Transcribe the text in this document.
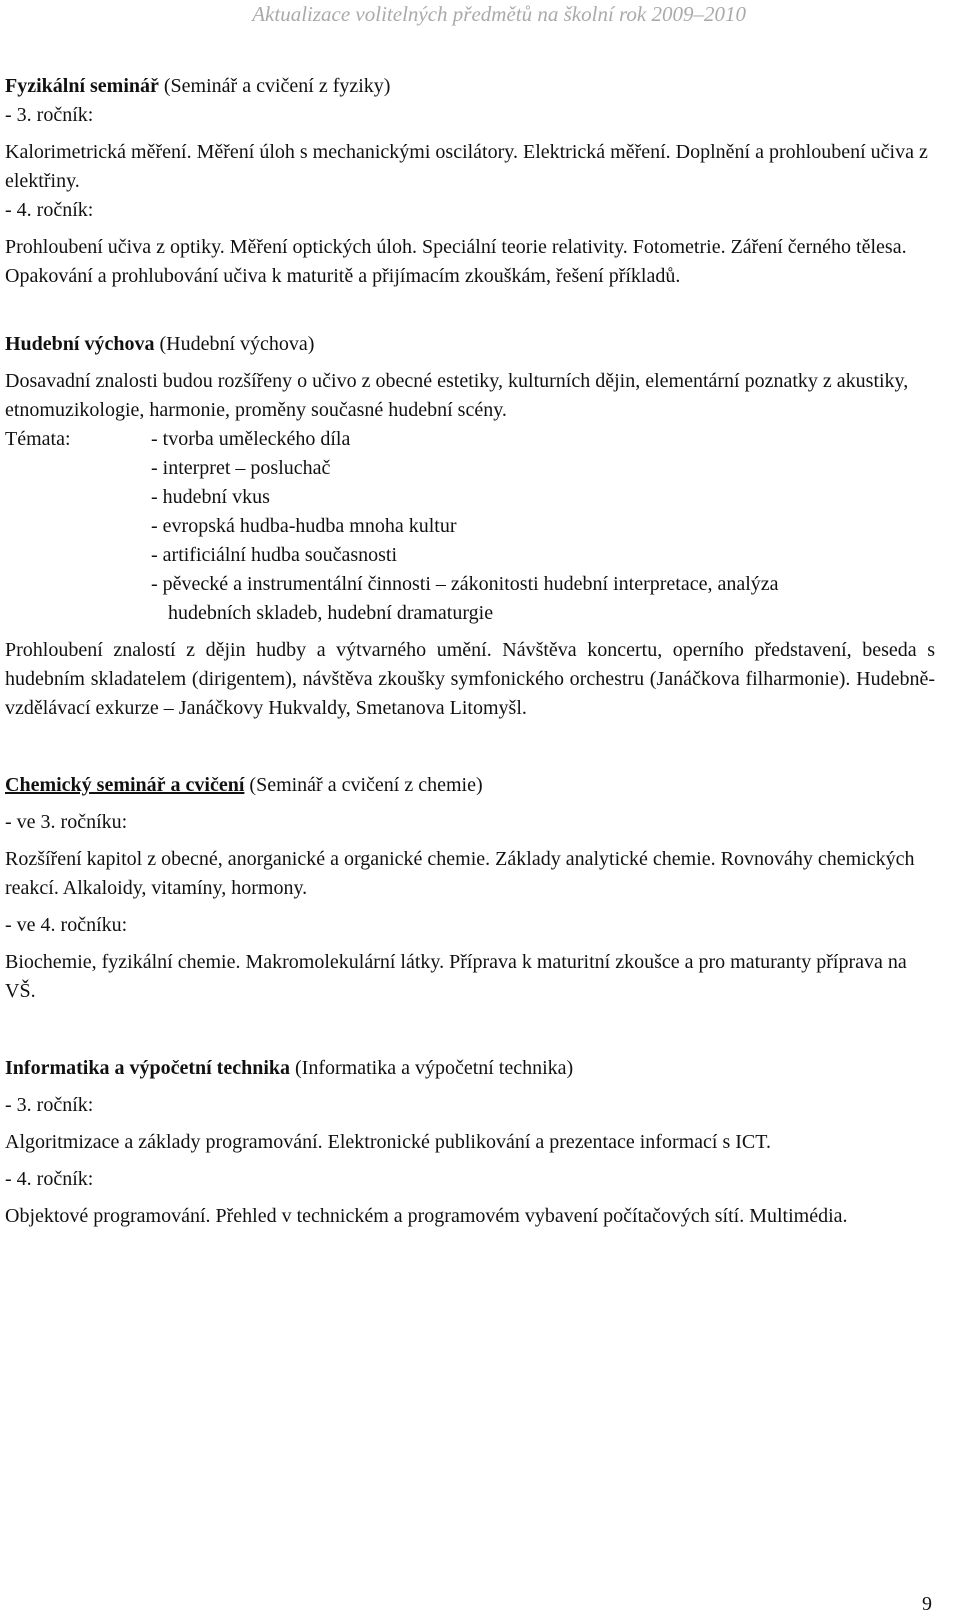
Aktualizace volitelných předmětů na školní rok 2009–2010

Fyzikální seminář (Seminář a cvičení z fyziky)

- 3. ročník:

Kalorimetrická měření. Měření úloh s mechanickými oscilátory. Elektrická měření. Doplnění a prohloubení učiva z elektřiny.

- 4. ročník:

Prohloubení učiva z optiky. Měření optických úloh. Speciální teorie relativity. Fotometrie. Záření černého tělesa. Opakování a prohlubování učiva k maturitě a přijímacím zkouškám, řešení příkladů.

Hudební výchova (Hudební výchova)

Dosavadní znalosti budou rozšířeny o učivo z obecné estetiky, kulturních dějin, elementární poznatky z akustiky, etnomuzikologie, harmonie, proměny současné hudební scény.

Témata:	- tvorba uměleckého díla
- interpret – posluchač
- hudební vkus
- evropská hudba-hudba mnoha kultur
- artificiální hudba současnosti
- pěvecké a instrumentální činnosti – zákonitosti hudební interpretace, analýza
hudebních skladeb, hudební dramaturgie

Prohloubení znalostí z dějin hudby a výtvarného umění. Návštěva koncertu, operního představení, beseda s hudebním skladatelem (dirigentem), návštěva zkoušky symfonického orchestru (Janáčkova filharmonie). Hudebně-vzdělávací exkurze – Janáčkovy Hukvaldy, Smetanova Litomyšl.

Chemický seminář a cvičení (Seminář a cvičení z chemie)

- ve 3. ročníku:

Rozšíření kapitol z obecné, anorganické a organické chemie. Základy analytické chemie. Rovnováhy chemických reakcí. Alkaloidy, vitamíny, hormony.

- ve 4. ročníku:

Biochemie, fyzikální chemie. Makromolekulární látky. Příprava k maturitní zkoušce a pro maturanty příprava na VŠ.

Informatika a výpočetní technika (Informatika a výpočetní technika)

- 3. ročník:

Algoritmizace a základy programování. Elektronické publikování a prezentace informací s ICT.

- 4. ročník:

Objektové programování. Přehled v technickém a programovém vybavení počítačových sítí. Multimédia.

9
